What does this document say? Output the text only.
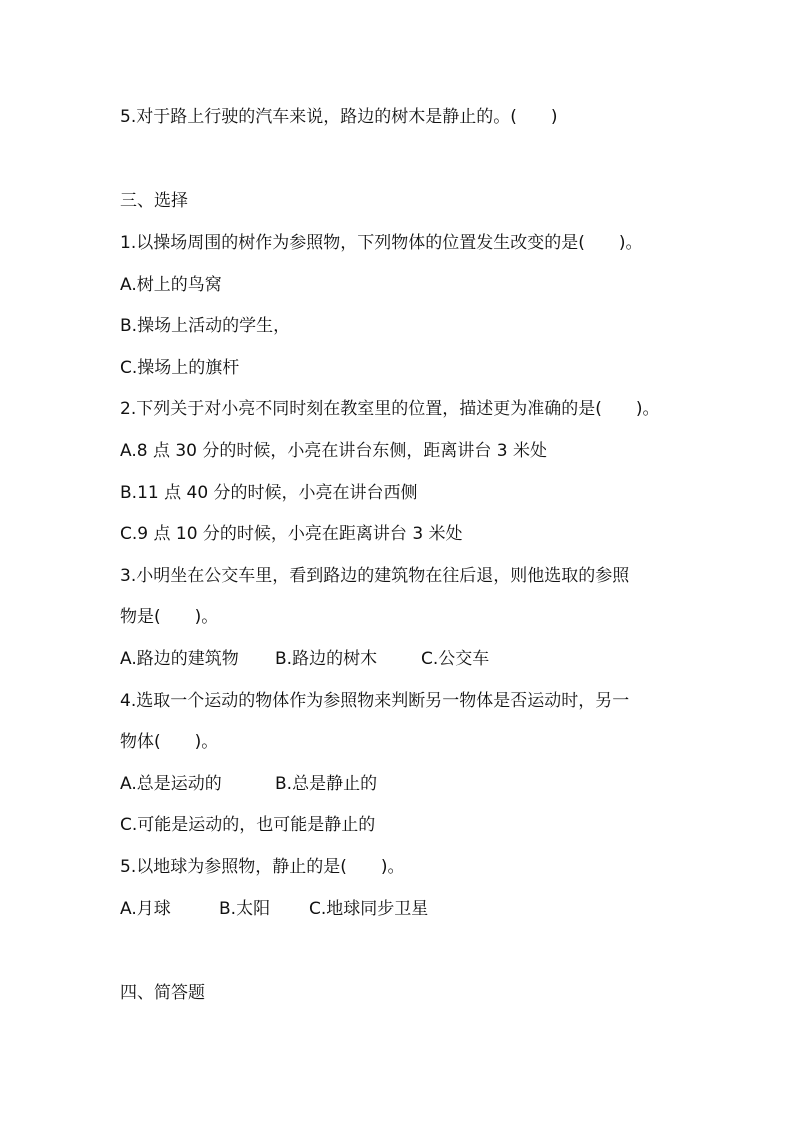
5.对于路上行驶的汽车来说，路边的树木是静止的。(　　)
三、选择
1.以操场周围的树作为参照物，下列物体的位置发生改变的是(　　)。
A.树上的鸟窝
B.操场上活动的学生，
C.操场上的旗杆
2.下列关于对小亮不同时刻在教室里的位置，描述更为准确的是(　　)。
A.8 点 30 分的时候，小亮在讲台东侧，距离讲台 3 米处
B.11 点 40 分的时候，小亮在讲台西侧
C.9 点 10 分的时候，小亮在距离讲台 3 米处
3.小明坐在公交车里，看到路边的建筑物在往后退，则他选取的参照
物是(　　)。
A.路边的建筑物 B.路边的树木	C.公交车
4.选取一个运动的物体作为参照物来判断另一物体是否运动时，另一
物体(　　)。
A.总是运动的	B.总是静止的
C.可能是运动的，也可能是静止的
5.以地球为参照物，静止的是(　　)。
A.月球	B.太阳 C.地球同步卫星
四、简答题
